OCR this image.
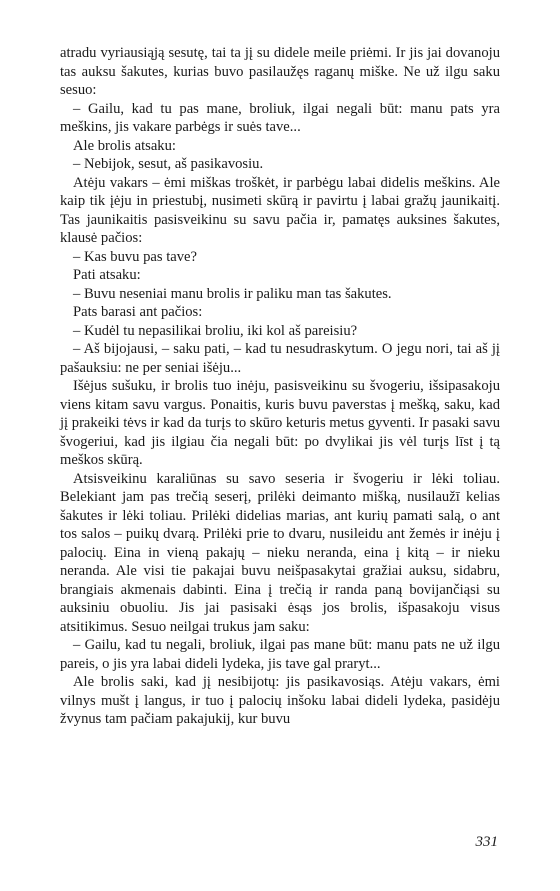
atradu vyriausiąją sesutę, tai ta jį su didele meile priėmi. Ir jis jai dovanoju tas auksu šakutes, kurias buvo pasilaužęs raganų miške. Ne už ilgu saku sesuo:

– Gailu, kad tu pas mane, broliuk, ilgai negali būt: manu pats yra meškins, jis vakare parbėgs ir suės tave...

Ale brolis atsaku:

– Nebijok, sesut, aš pasikavosiu.

Atėju vakars – ėmi miškas troškėt, ir parbėgu labai didelis meškins. Ale kaip tik įėju in priestubį, nusimeti skūrą ir pavirtu į labai gražų jaunikaitį. Tas jaunikaitis pasisveikinu su savu pačia ir, pamatęs auksines šakutes, klausė pačios:

– Kas buvu pas tave?

Pati atsaku:

– Buvu neseniai manu brolis ir paliku man tas šakutes.

Pats barasi ant pačios:

– Kudėl tu nepasilikai broliu, iki kol aš pareisiu?

– Aš bijojausi, – saku pati, – kad tu nesudraskytum. O jegu nori, tai aš jį pašauksiu: ne per seniai išėju...

Išėjus sušuku, ir brolis tuo inėju, pasisveikinu su švogeriu, išsipasakoju viens kitam savu vargus. Ponaitis, kuris buvu paverstas į mešką, saku, kad jį prakeiki tėvs ir kad da turįs to skūro keturis metus gyventi. Ir pasaki savu švogeriui, kad jis ilgiau čia negali būt: po dvylikai jis vėl turįs līst į tą meškos skūrą.

Atsisveikinu karaliūnas su savo seseria ir švogeriu ir lėki toliau. Belekiant jam pas trečią seserį, prilėki deimanto mišką, nusilaužī kelias šakutes ir lėki toliau. Prilėki didelias marias, ant kurių pamati salą, o ant tos salos – puikų dvarą. Prilėki prie to dvaru, nusileidu ant žemės ir inėju į palocių. Eina in vieną pakajų – nieku neranda, eina į kitą – ir nieku neranda. Ale visi tie pakajai buvu neišpasakytai gražiai auksu, sidabru, brangiais akmenais dabinti. Eina į trečią ir randa paną bovijančiąsi su auksiniu obuoliu. Jis jai pasisaki ėsąs jos brolis, išpasakoju visus atsitikimus. Sesuo neilgai trukus jam saku:

– Gailu, kad tu negali, broliuk, ilgai pas mane būt: manu pats ne už ilgu pareis, o jis yra labai dideli lydeka, jis tave gal praryt...

Ale brolis saki, kad jį nesibijotų: jis pasikavosiąs. Atėju vakars, ėmi vilnys mušt į langus, ir tuo į palocių inšoku labai dideli lydeka, pasidėju žvynus tam pačiam pakajukij, kur buvu

331
